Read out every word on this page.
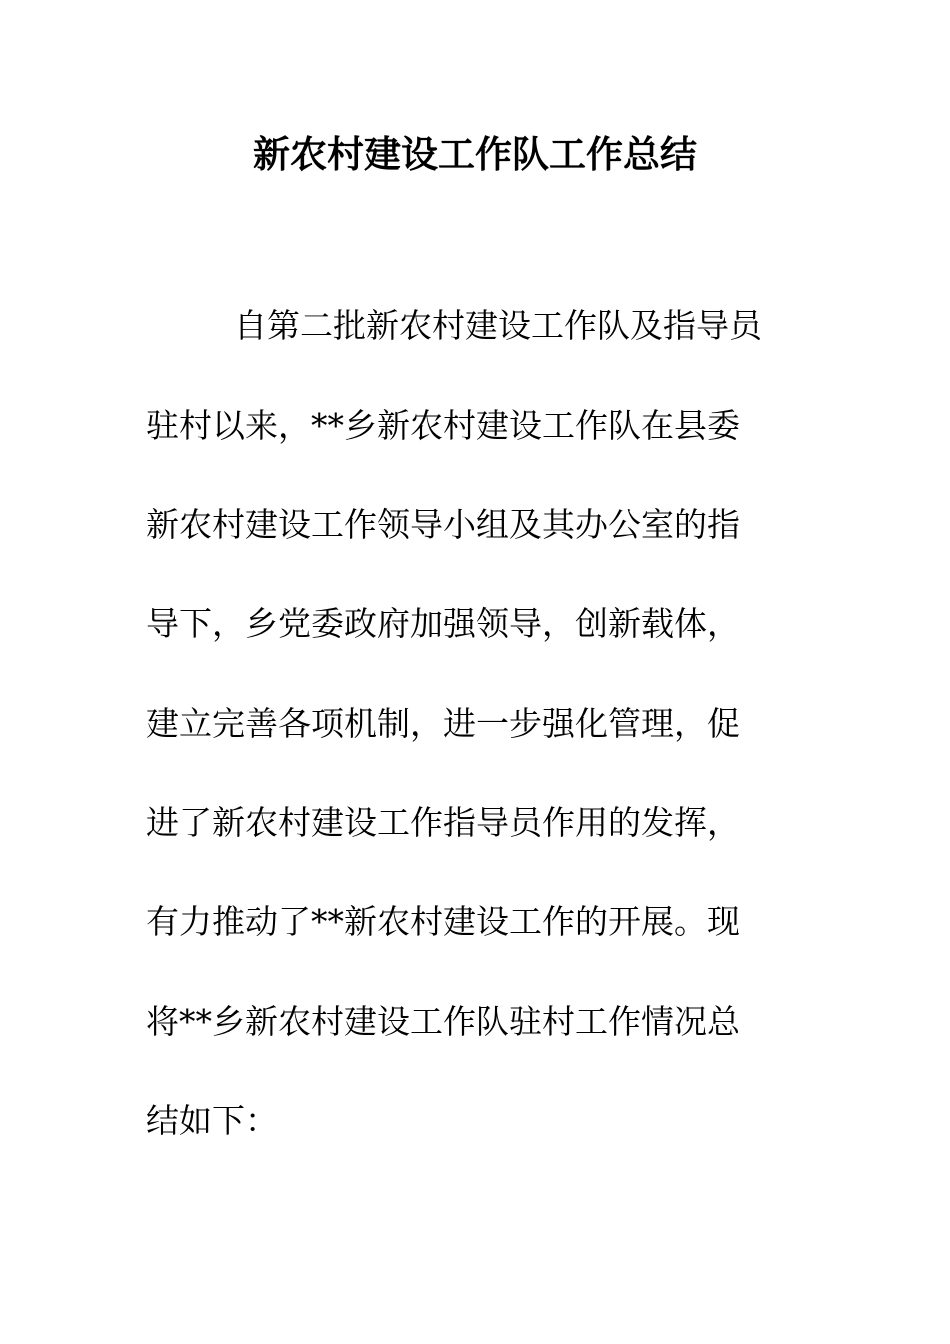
新农村建设工作队工作总结

自第二批新农村建设工作队及指导员

驻村以来，**乡新农村建设工作队在县委

新农村建设工作领导小组及其办公室的指

导下，乡党委政府加强领导，创新载体，

建立完善各项机制，进一步强化管理，促

进了新农村建设工作指导员作用的发挥，

有力推动了**新农村建设工作的开展。现

将**乡新农村建设工作队驻村工作情况总

结如下：
